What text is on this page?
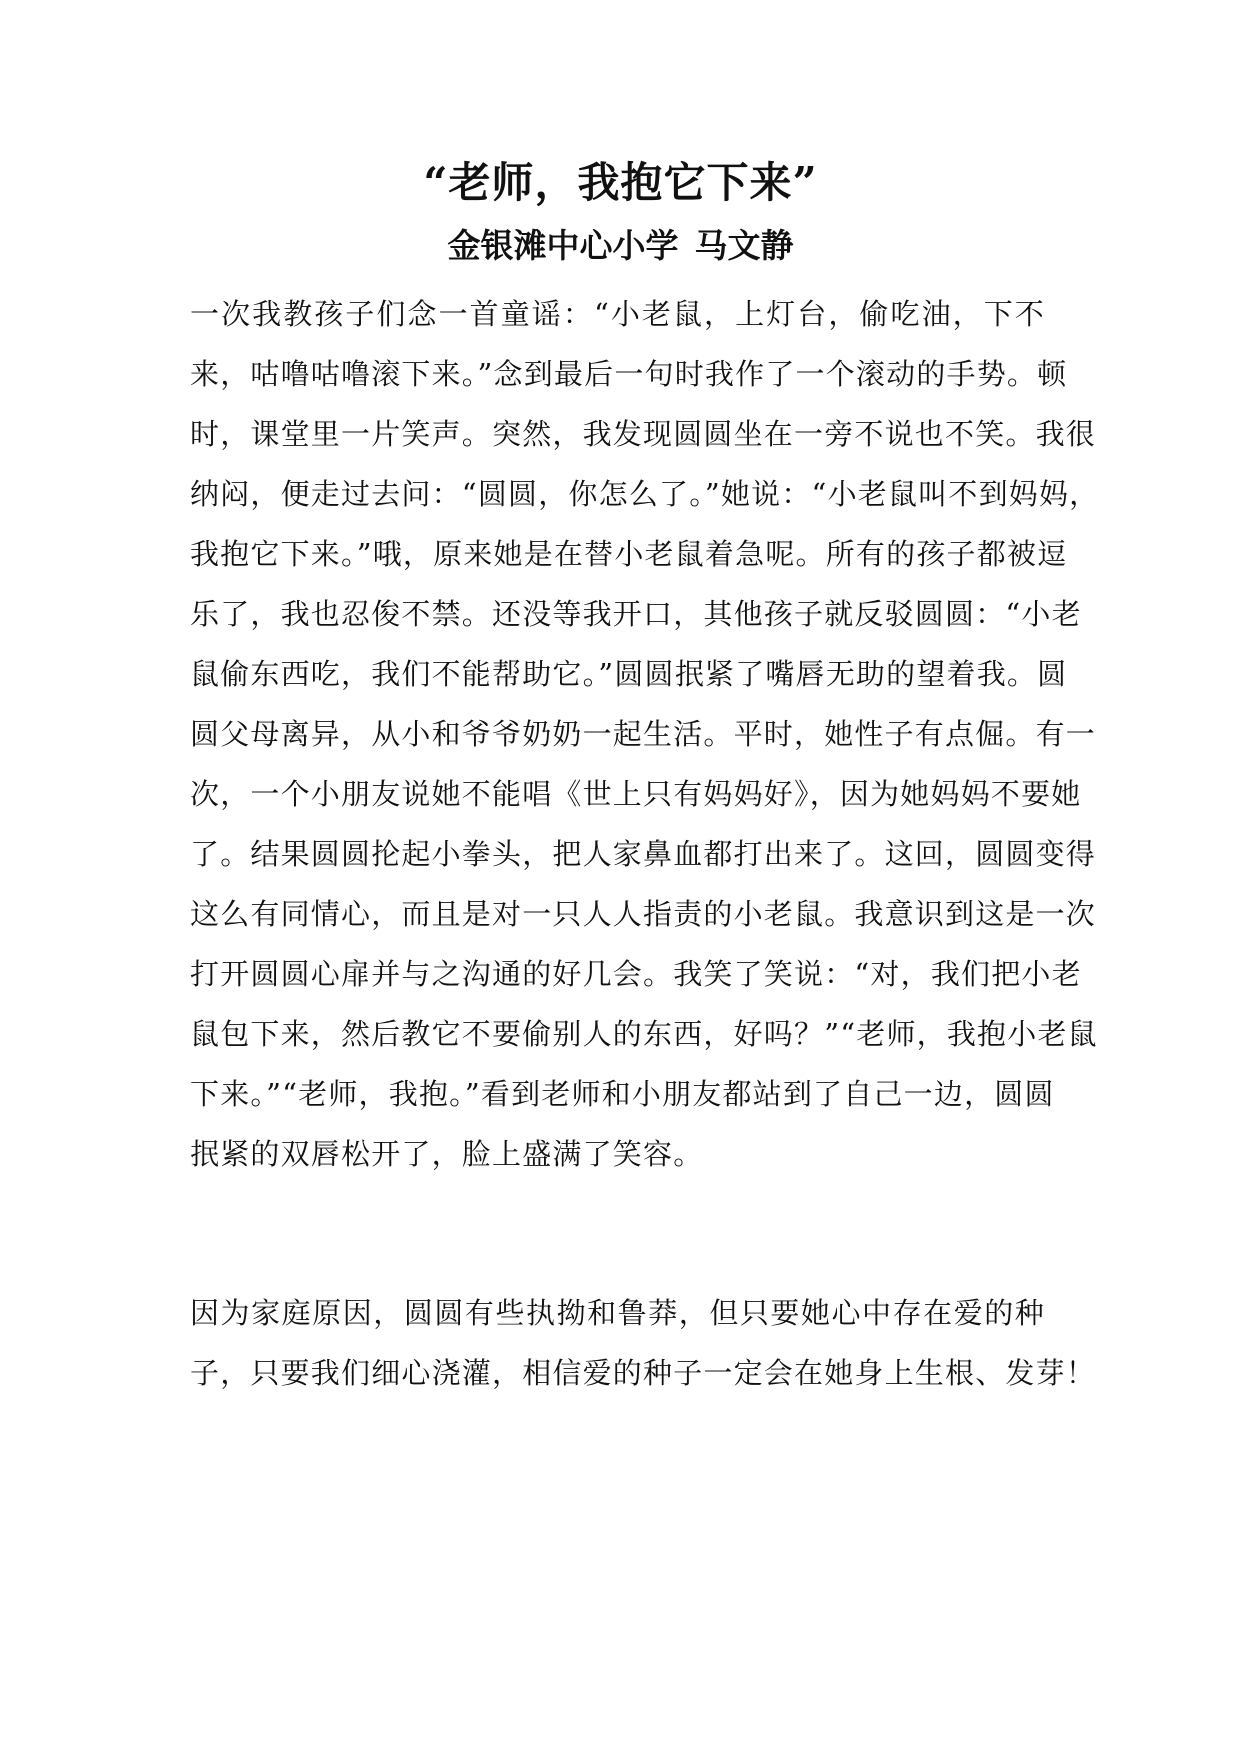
“老师，我抱它下来”
金银滩中心小学 马文静
一次我教孩子们念一首童谣：“小老鼠，上灯台，偷吃油，下不
来，咕噜咕噜滚下来。”念到最后一句时我作了一个滚动的手势。顿
时，课堂里一片笑声。突然，我发现圆圆坐在一旁不说也不笑。我很
纳闷，便走过去问：“圆圆，你怎么了。”她说：“小老鼠叫不到妈妈，
我抱它下来。”哦，原来她是在替小老鼠着急呢。所有的孩子都被逗
乐了，我也忍俊不禁。还没等我开口，其他孩子就反驳圆圆：“小老
鼠偷东西吃，我们不能帮助它。”圆圆抿紧了嘴唇无助的望着我。圆
圆父母离异，从小和爷爷奶奶一起生活。平时，她性子有点倔。有一
次，一个小朋友说她不能唱《世上只有妈妈好》，因为她妈妈不要她
了。结果圆圆抡起小拳头，把人家鼻血都打出来了。这回，圆圆变得
这么有同情心，而且是对一只人人指责的小老鼠。我意识到这是一次
打开圆圆心扉并与之沟通的好几会。我笑了笑说：“对，我们把小老
鼠包下来，然后教它不要偷别人的东西，好吗？”“老师，我抱小老鼠
下来。”“老师，我抱。”看到老师和小朋友都站到了自己一边，圆圆
抿紧的双唇松开了，脸上盛满了笑容。
因为家庭原因，圆圆有些执拗和鲁莽，但只要她心中存在爱的种
子，只要我们细心浇灌，相信爱的种子一定会在她身上生根、发芽！
